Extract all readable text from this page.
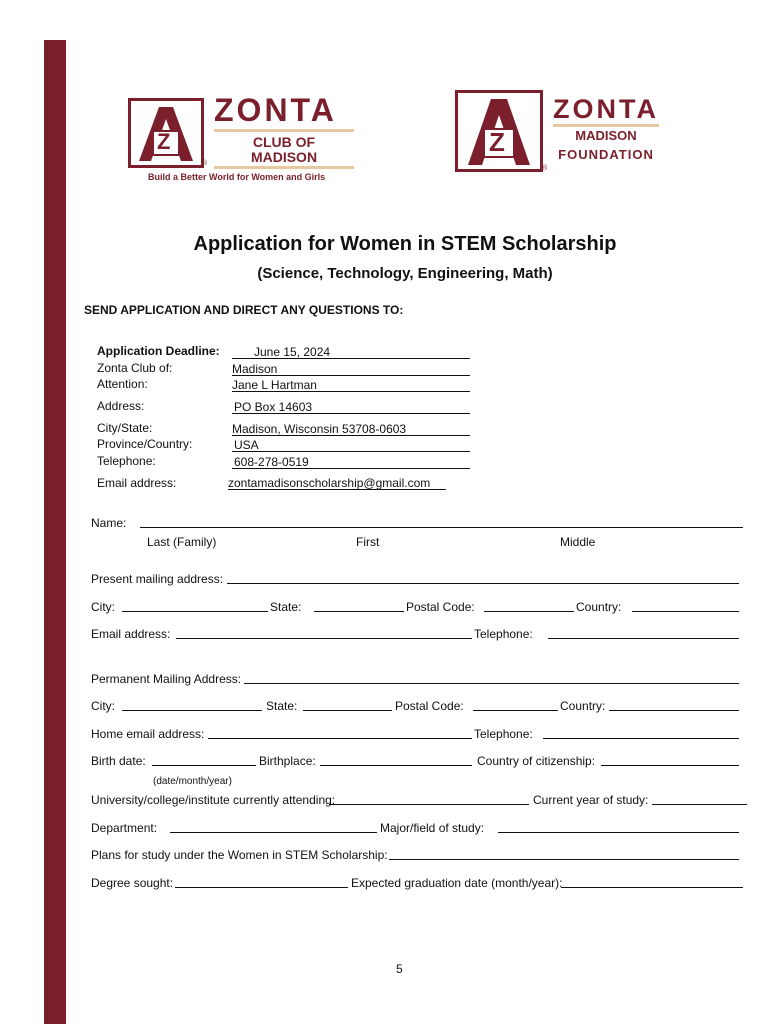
Z
ZONTA
CLUB OF
MADISON
®
Build a Better World for Women and Girls
Z
®
ZONTA
MADISON
FOUNDATION
Application for Women in STEM Scholarship
(Science, Technology, Engineering, Math)
SEND APPLICATION AND DIRECT ANY QUESTIONS TO:
Application Deadline:	June 15, 2024
Zonta Club of:	Madison
Attention:	Jane L Hartman
Address:	PO Box 14603
City/State:	Madison, Wisconsin 53708-0603
Province/Country:	USA
Telephone:	608-278-0519
Email address:	zontamadisonscholarship@gmail.com
Name:
Last (Family)	First	Middle
Present mailing address:
City:	State:	Postal Code:	Country:
Email address:	Telephone:
Permanent Mailing Address:
City:	State:	Postal Code:	Country:
Home email address:	Telephone:
Birth date:	Birthplace:	Country of citizenship:
(date/month/year)
University/college/institute currently attending:	Current year of study:
Department:	Major/field of study:
Plans for study under the Women in STEM Scholarship:
Degree sought:	Expected graduation date (month/year):
5
